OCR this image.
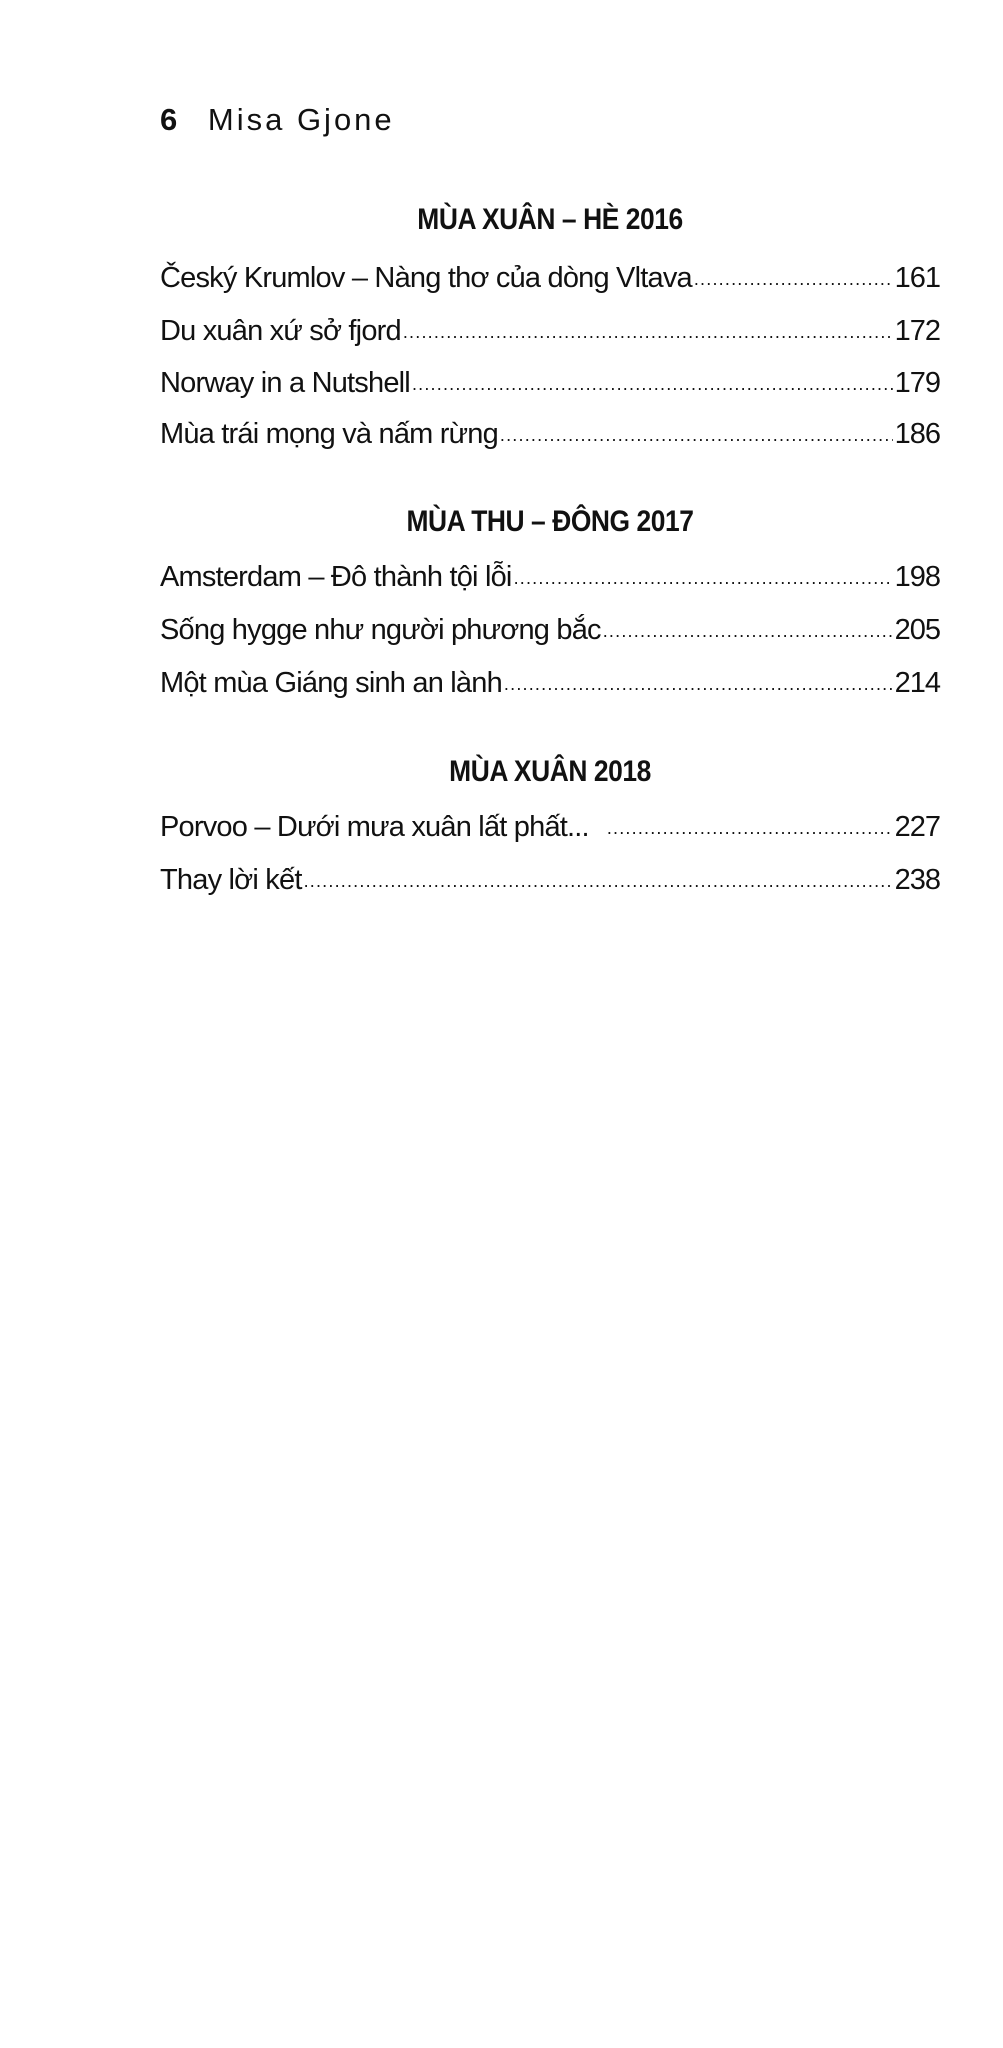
6 Misa Gjone
MÙA XUÂN – HÈ 2016
Český Krumlov – Nàng thơ của dòng Vltava .....	161
Du xuân xứ sở fjord .....	172
Norway in a Nutshell .....	179
Mùa trái mọng và nấm rừng .....	186
MÙA THU – ĐÔNG 2017
Amsterdam – Đô thành tội lỗi .....	198
Sống hygge như người phương bắc .....	205
Một mùa Giáng sinh an lành .....	214
MÙA XUÂN 2018
Porvoo – Dưới mưa xuân lất phất... .....	227
Thay lời kết .....	238
